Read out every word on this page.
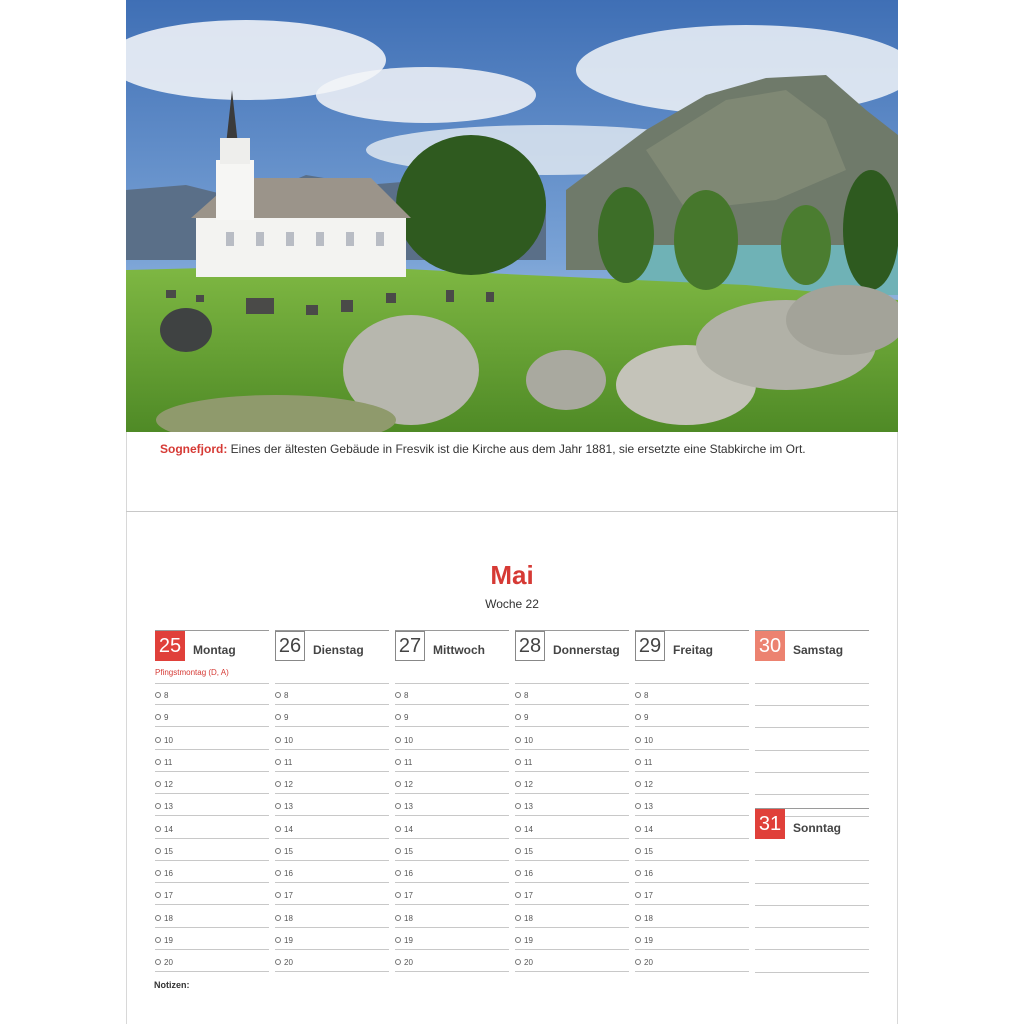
Sognefjord: Eines der ältesten Gebäude in Fresvik ist die Kirche aus dem Jahr 1881, sie ersetzte eine Stabkirche im Ort.
Mai
Woche 22
25 Montag
8
9
10
11
12
13
14
15
16
17
18
19
20
26 Dienstag
8
9
10
11
12
13
14
15
16
17
18
19
20
27 Mittwoch
8
9
10
11
12
13
14
15
16
17
18
19
20
28 Donnerstag
8
9
10
11
12
13
14
15
16
17
18
19
20
29 Freitag
8
9
10
11
12
13
14
15
16
17
18
19
20
30 Samstag
31 Sonntag
Pfingstmontag (D, A)
Notizen:
